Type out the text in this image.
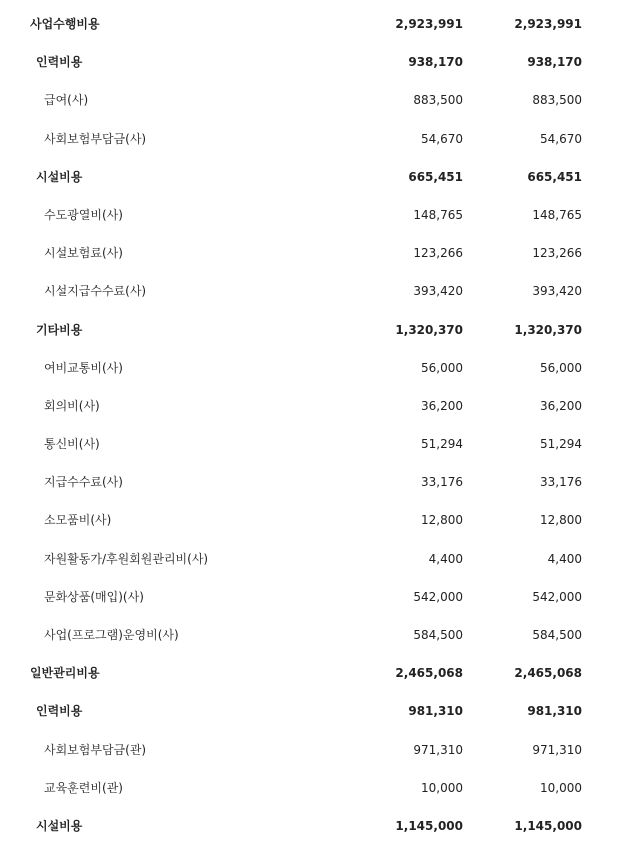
사업수행비용	2,923,991	2,923,991
인력비용	938,170	938,170
급여(사)	883,500	883,500
사회보험부담금(사)	54,670	54,670
시설비용	665,451	665,451
수도광열비(사)	148,765	148,765
시설보험료(사)	123,266	123,266
시설지급수수료(사)	393,420	393,420
기타비용	1,320,370	1,320,370
여비교통비(사)	56,000	56,000
회의비(사)	36,200	36,200
통신비(사)	51,294	51,294
지급수수료(사)	33,176	33,176
소모품비(사)	12,800	12,800
자원활동가/후원회원관리비(사)	4,400	4,400
문화상품(매입)(사)	542,000	542,000
사업(프로그램)운영비(사)	584,500	584,500
일반관리비용	2,465,068	2,465,068
인력비용	981,310	981,310
사회보험부담금(관)	971,310	971,310
교육훈련비(관)	10,000	10,000
시설비용	1,145,000	1,145,000
